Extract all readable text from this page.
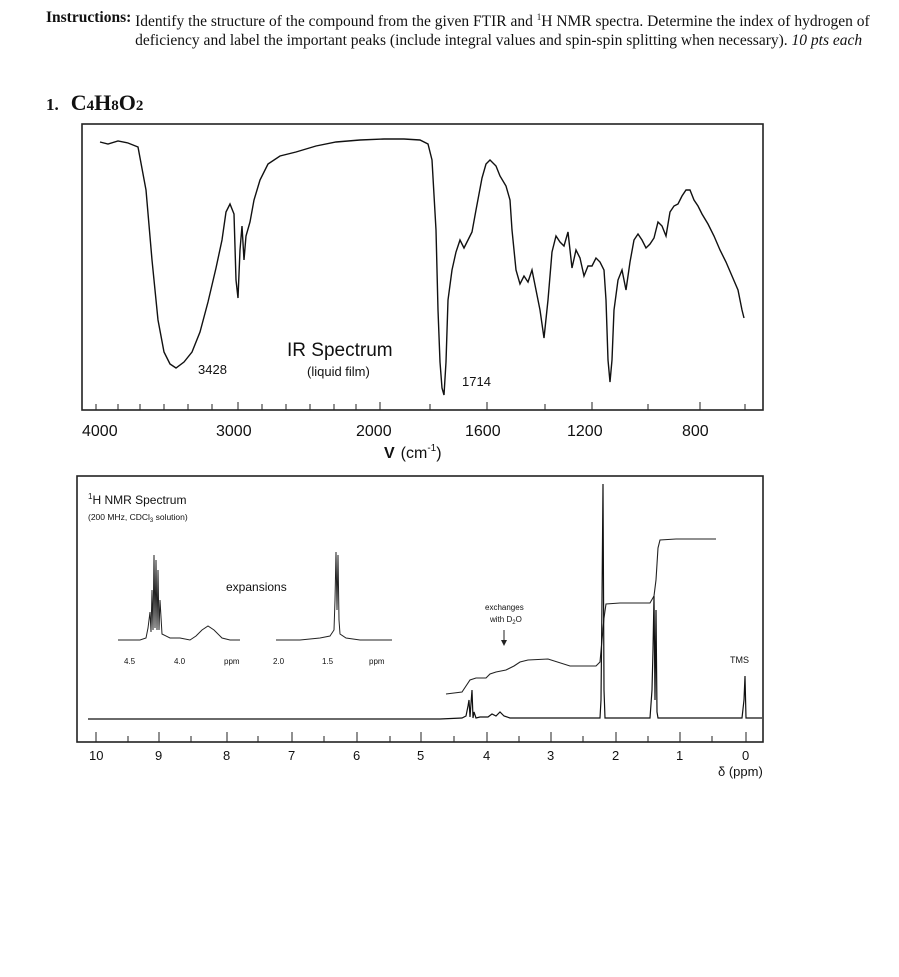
Instructions:
Identify the structure of the compound from the given FTIR and $^1$H NMR spectra. Determine the index of hydrogen of deficiency and label the important peaks (include integral values and spin-spin splitting when necessary). 10 pts each
1. C4H8O2
3428
1714
IR Spectrum
(liquid film)
4000	3000	2000	1600	1200	800
V $(cm^{-1})$
$^1$H NMR Spectrum
(200 MHz, CDCl$_3$ solution)
expansions
4.5	4.0	ppm	2.0	1.5	ppm
exchanges
with $D_2O$
TMS
10	9	8	7	6	5	4	3	2	1	0
δ (ppm)
